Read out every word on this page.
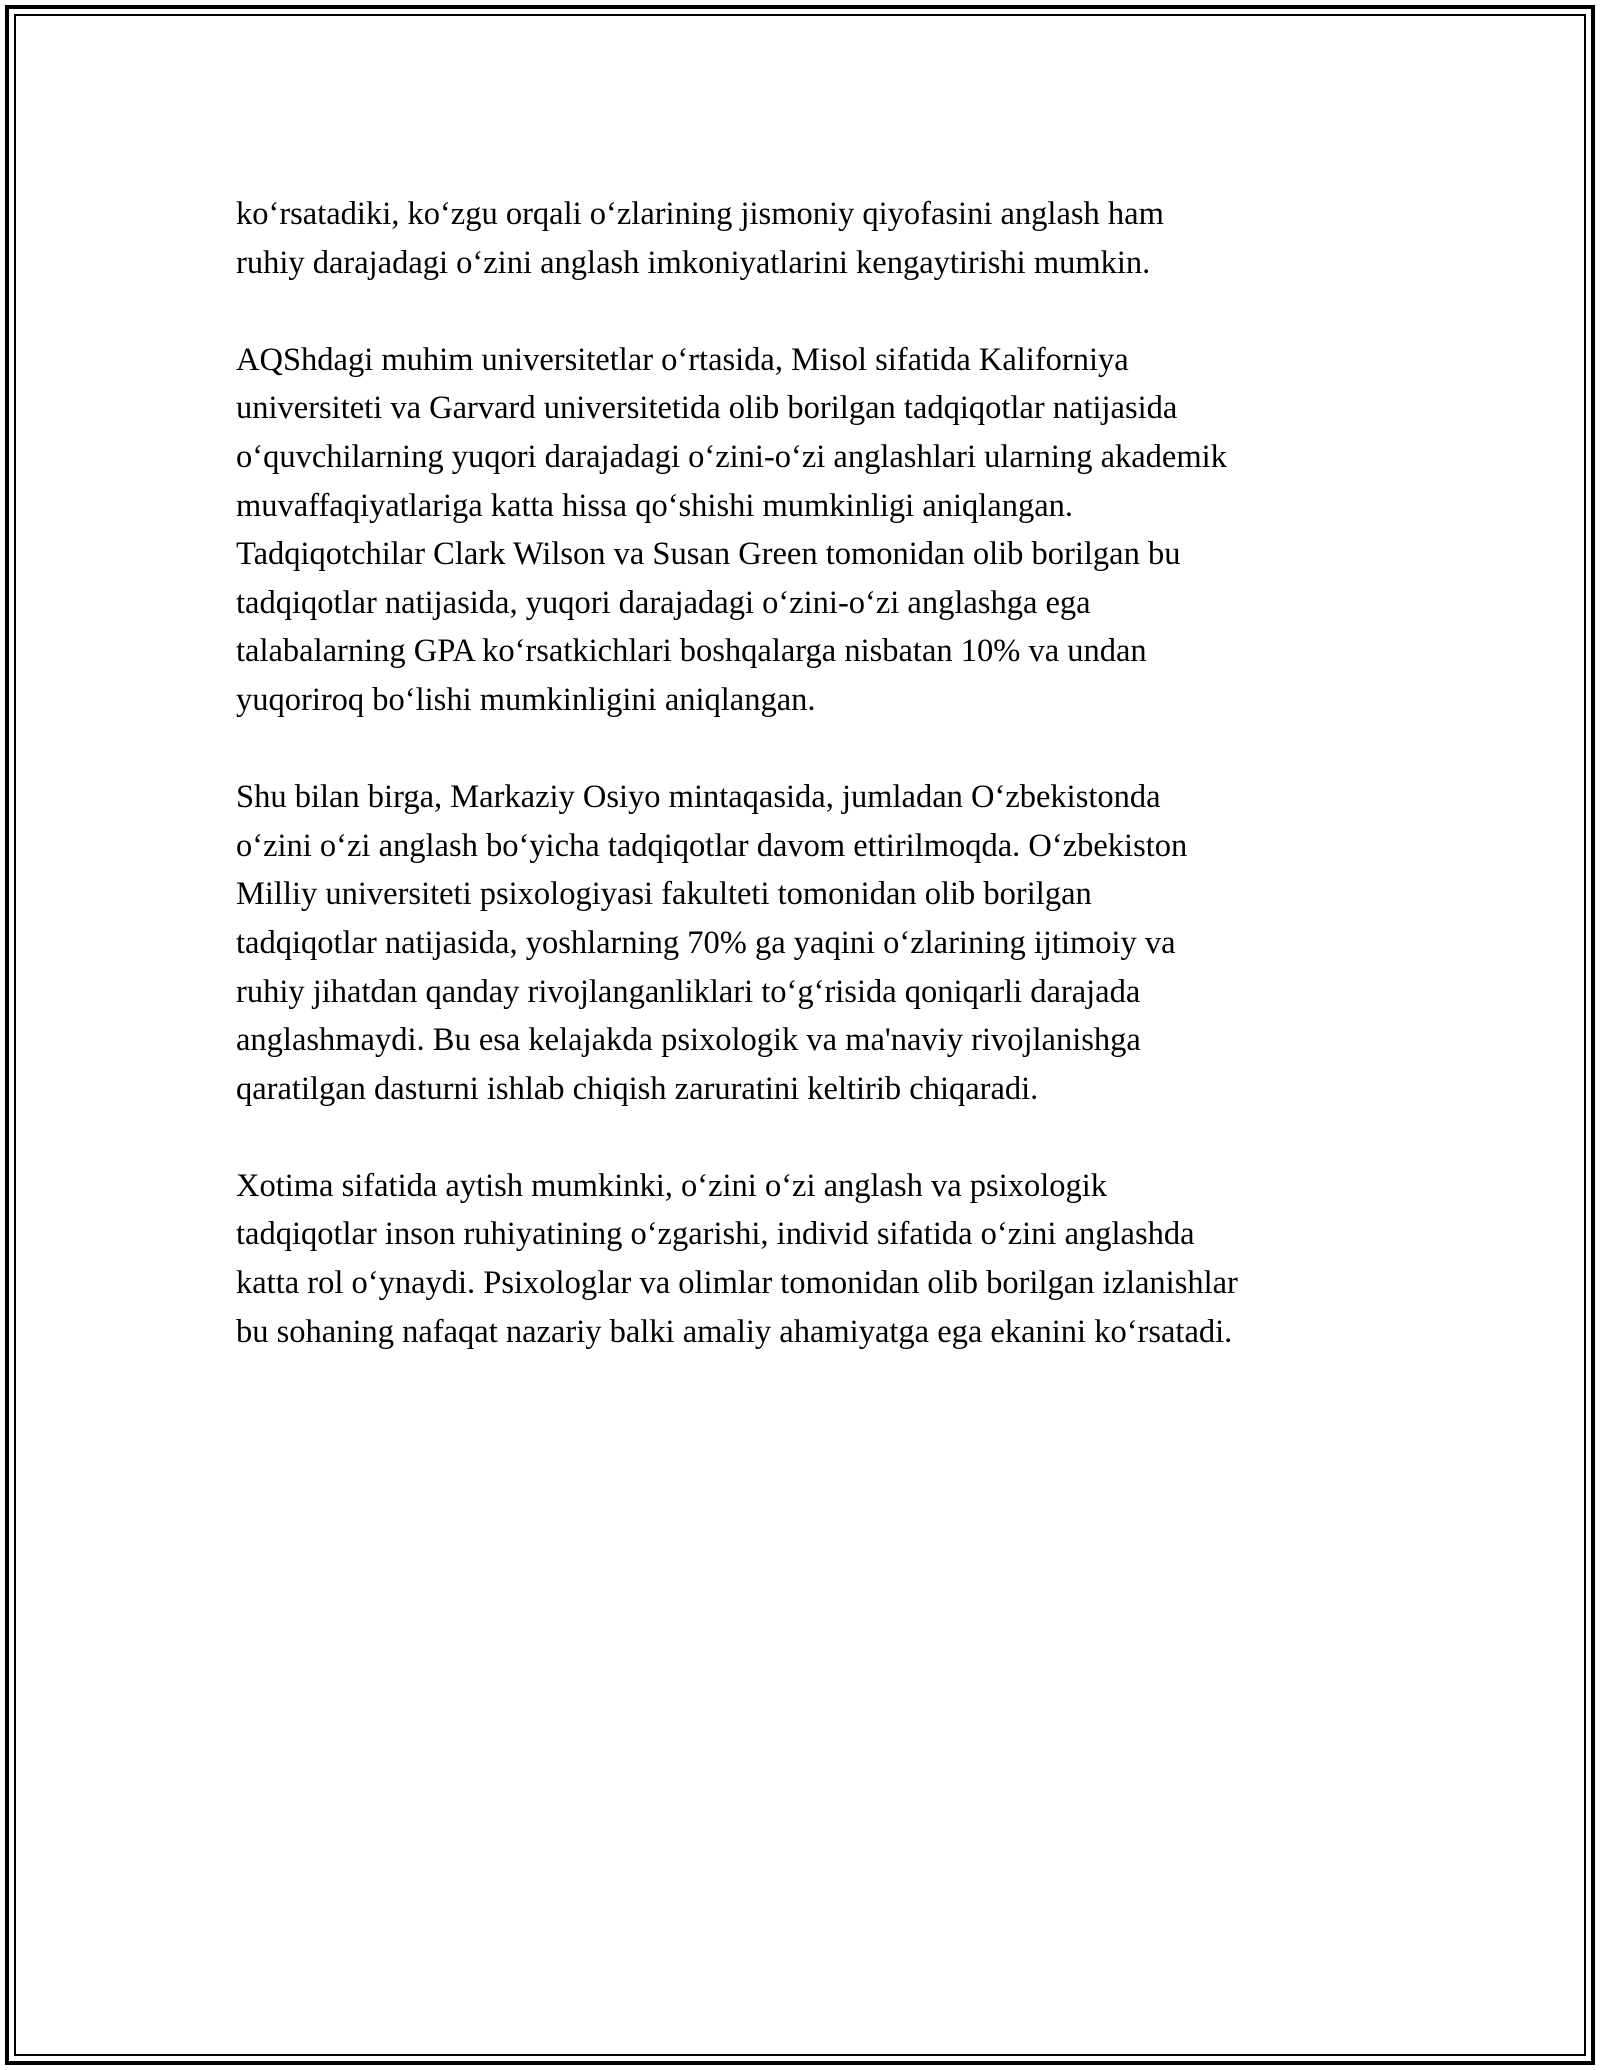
ko‘rsatadiki, ko‘zgu orqali o‘zlarining jismoniy qiyofasini anglash ham
ruhiy darajadagi o‘zini anglash imkoniyatlarini kengaytirishi mumkin.

AQShdagi muhim universitetlar o‘rtasida, Misol sifatida Kaliforniya
universiteti va Garvard universitetida olib borilgan tadqiqotlar natijasida
o‘quvchilarning yuqori darajadagi o‘zini-o‘zi anglashlari ularning akademik
muvaffaqiyatlariga katta hissa qo‘shishi mumkinligi aniqlangan.
Tadqiqotchilar Clark Wilson va Susan Green tomonidan olib borilgan bu
tadqiqotlar natijasida, yuqori darajadagi o‘zini-o‘zi anglashga ega
talabalarning GPA ko‘rsatkichlari boshqalarga nisbatan 10% va undan
yuqoriroq bo‘lishi mumkinligini aniqlangan.

Shu bilan birga, Markaziy Osiyo mintaqasida, jumladan O‘zbekistonda
o‘zini o‘zi anglash bo‘yicha tadqiqotlar davom ettirilmoqda. O‘zbekiston
Milliy universiteti psixologiyasi fakulteti tomonidan olib borilgan
tadqiqotlar natijasida, yoshlarning 70% ga yaqini o‘zlarining ijtimoiy va
ruhiy jihatdan qanday rivojlanganliklari to‘g‘risida qoniqarli darajada
anglashmaydi. Bu esa kelajakda psixologik va ma'naviy rivojlanishga
qaratilgan dasturni ishlab chiqish zaruratini keltirib chiqaradi.

Xotima sifatida aytish mumkinki, o‘zini o‘zi anglash va psixologik
tadqiqotlar inson ruhiyatining o‘zgarishi, individ sifatida o‘zini anglashda
katta rol o‘ynaydi. Psixologlar va olimlar tomonidan olib borilgan izlanishlar
bu sohaning nafaqat nazariy balki amaliy ahamiyatga ega ekanini ko‘rsatadi.
